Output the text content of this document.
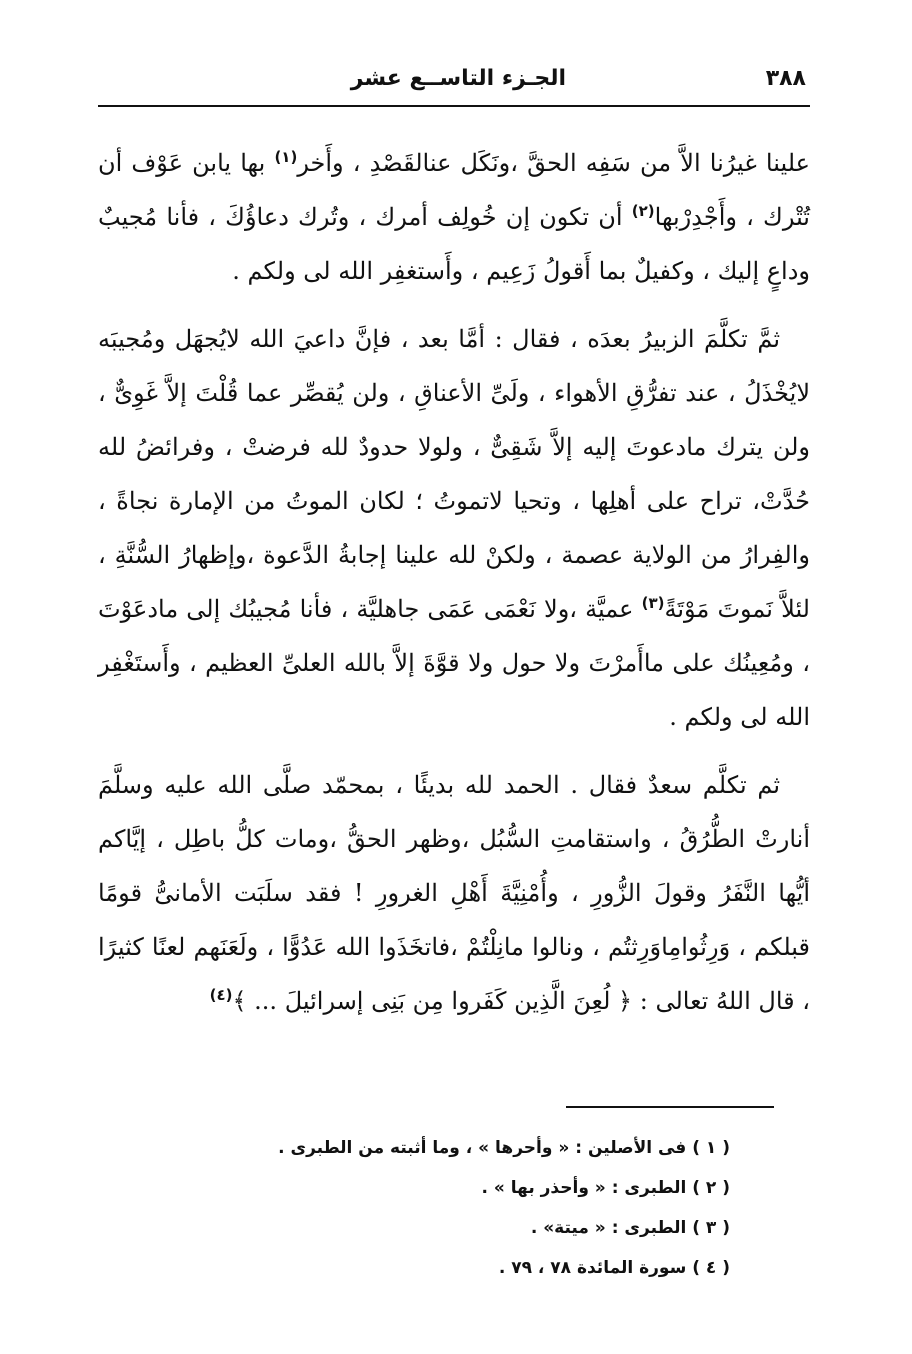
٣٨٨
الجـزء التاســع عشر

علينا غيرُنا الاَّ من سَفِه الحقَّ ،ونَكَل عنالقَصْدِ ، وأَخر$^{(١)}$ بها يابن عَوْف أن تُتْرك ، وأَجْدِرْبها$^{(٢)}$ أن تكون إن خُولِف أمرك ، وتُرك دعاؤُكَ ، فأنا مُجيبٌ وداعٍ إليك ، وكفيلٌ بما أَقولُ زَعِيم ، وأَستغفِر الله لى ولكم .

ثمَّ تكلَّمَ الزبيرُ بعدَه ، فقال : أمَّا بعد ، فإنَّ داعيَ الله لايُجهَل ومُجيبَه لايُخْذَلُ ، عند تفرُّقِ الأهواء ، ولَىِّ الأعناقِ ، ولن يُقصِّر عما قُلْتَ إلاَّ غَوِىٌّ ، ولن يترك مادعوتَ إليه إلاَّ شَقِىٌّ ، ولولا حدودٌ لله فرضتْ ، وفرائضُ لله حُدَّتْ، تراح على أهلِها ، وتحيا لاتموتُ ؛ لكان الموتُ من الإمارة نجاةً ، والفِرارُ من الولاية عصمة ، ولكنْ لله علينا إجابةُ الدَّعوة ،وإظهارُ السُّنَّةِ ، لئلاَّ نَموتَ مَوْتَةً$^{(٣)}$ عميَّة ،ولا نَعْمَى عَمَى جاهليَّة ، فأنا مُجيبُك إلى مادعَوْتَ ، ومُعِينُك على ماأَمرْتَ ولا حول ولا قوَّةَ إلاَّ بالله العلىِّ العظيم ، وأَستَغْفِر الله لى ولكم .

ثم تكلَّم سعدٌ فقال . الحمد لله بديئًا ، بمحمّد صلَّى الله عليه وسلَّمَ أنارتْ الطُّرُقُ ، واستقامتِ السُّبُل ،وظهر الحقُّ ،ومات كلُّ باطِل ، إيَّاكم أيُّها النَّفَرُ وقولَ الزُّورِ ، وأُمْنِيَّةَ أَهْلِ الغرورِ ! فقد سلَبَت الأمانىُّ قومًا قبلكم ، وَرِثُوامِاوَرِثتُم ، ونالوا مانِلْتُمْ ،فاتخَذَوا الله عَدُوًّا ، ولَعَنَهم لعنًا كثيرًا ، قال اللهُ تعالى : ﴿ لُعِنَ الَّذِين كَفَروا مِن بَنِى إسرائيلَ ... ﴾$^{(٤)}$

( ١ ) فى الأصلين : « وأحرها » ، وما أثبته من الطبرى .
( ٢ ) الطبرى : « وأحذر بها » .
( ٣ ) الطبرى : « ميتة» .
( ٤ ) سورة المائدة ٧٨ ، ٧٩ .
